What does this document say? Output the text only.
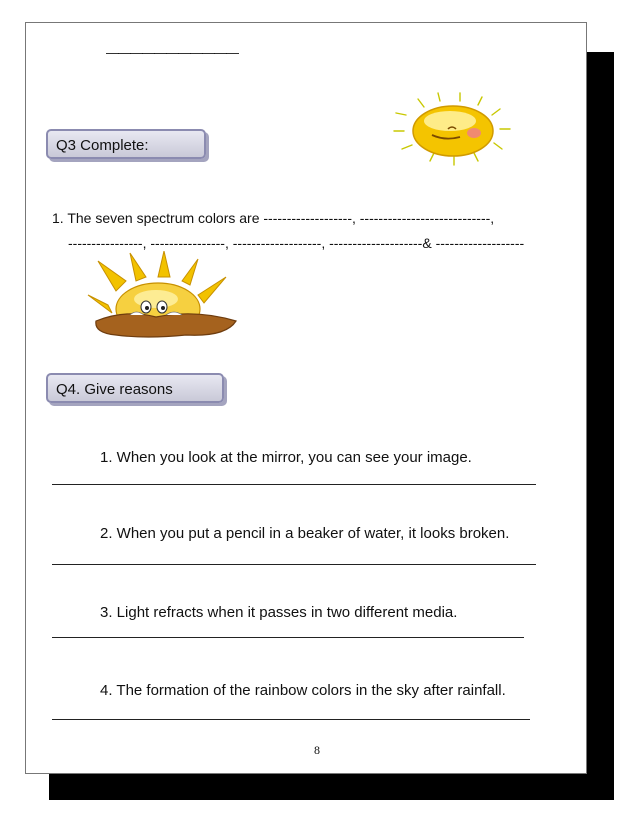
———————————
Q3 Complete:
1. The seven spectrum colors are -------------------, ----------------------------,
----------------, ----------------, -------------------, --------------------& -------------------
Q4. Give reasons
1. When you look at the mirror, you can see your image.
2. When you put a pencil in a beaker of water, it looks broken.
3. Light refracts when it passes in two different media.
4. The formation of the rainbow colors in the sky after rainfall.
8
